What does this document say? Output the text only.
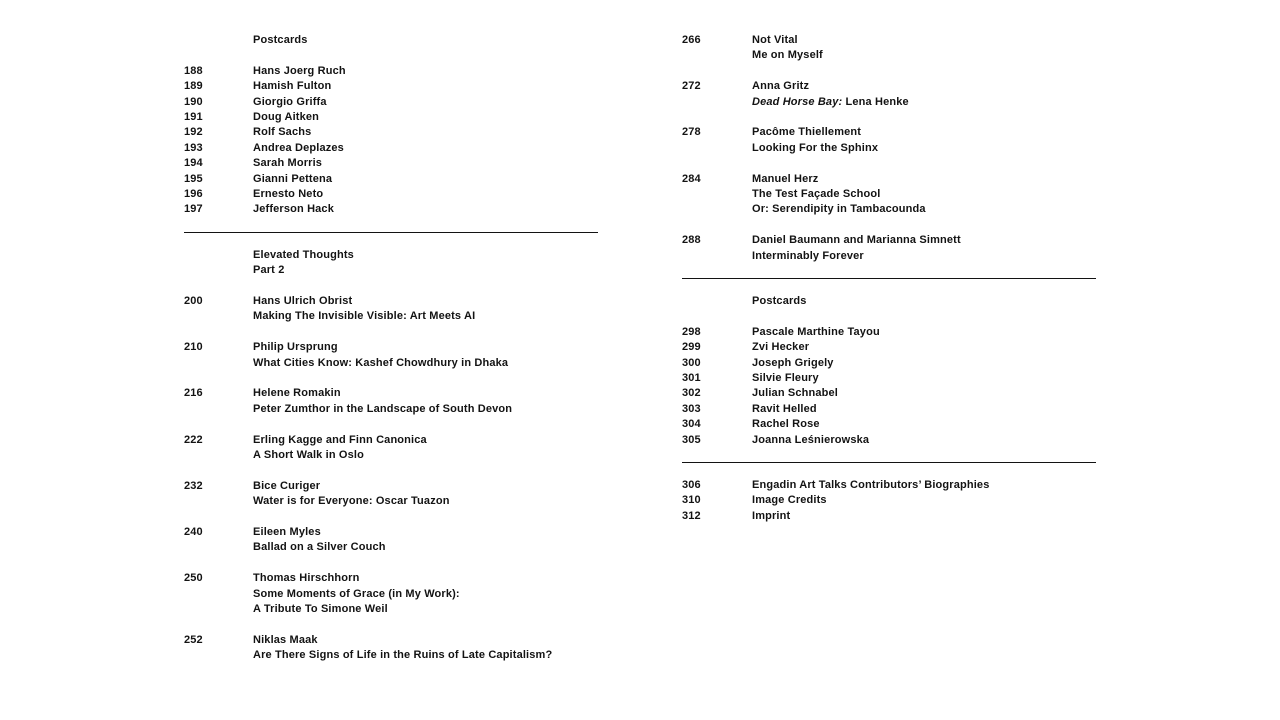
Postcards
188	Hans Joerg Ruch
189	Hamish Fulton
190	Giorgio Griffa
191	Doug Aitken
192	Rolf Sachs
193	Andrea Deplazes
194	Sarah Morris
195	Gianni Pettena
196	Ernesto Neto
197	Jefferson Hack
Elevated Thoughts
Part 2
200	Hans Ulrich Obrist
Making The Invisible Visible: Art Meets AI
210	Philip Ursprung
What Cities Know: Kashef Chowdhury in Dhaka
216	Helene Romakin
Peter Zumthor in the Landscape of South Devon
222	Erling Kagge and Finn Canonica
A Short Walk in Oslo
232	Bice Curiger
Water is for Everyone: Oscar Tuazon
240	Eileen Myles
Ballad on a Silver Couch
250	Thomas Hirschhorn
Some Moments of Grace (in My Work):
A Tribute To Simone Weil
252	Niklas Maak
Are There Signs of Life in the Ruins of Late Capitalism?
266	Not Vital
Me on Myself
272	Anna Gritz
Dead Horse Bay: Lena Henke
278	Pacôme Thiellement
Looking For the Sphinx
284	Manuel Herz
The Test Façade School
Or: Serendipity in Tambacounda
288	Daniel Baumann and Marianna Simnett
Interminably Forever
Postcards
298	Pascale Marthine Tayou
299	Zvi Hecker
300	Joseph Grigely
301	Silvie Fleury
302	Julian Schnabel
303	Ravit Helled
304	Rachel Rose
305	Joanna Leśnierowska
306	Engadin Art Talks Contributors’ Biographies
310	Image Credits
312	Imprint
